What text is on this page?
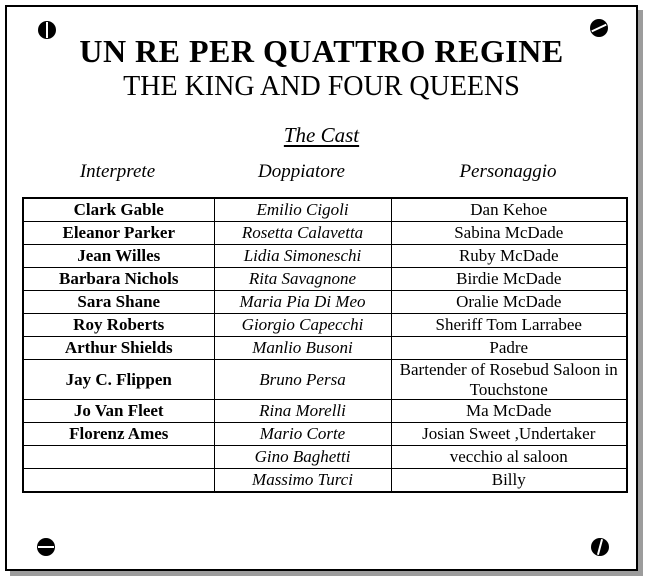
UN RE PER QUATTRO REGINE
THE KING AND FOUR QUEENS
The Cast
Interprete	Doppiatore	Personaggio
Clark Gable	Emilio Cigoli	Dan Kehoe
Eleanor Parker	Rosetta Calavetta	Sabina McDade
Jean Willes	Lidia Simoneschi	Ruby McDade
Barbara Nichols	Rita Savagnone	Birdie McDade
Sara Shane	Maria Pia Di Meo	Oralie McDade
Roy Roberts	Giorgio Capecchi	Sheriff Tom Larrabee
Arthur Shields	Manlio Busoni	Padre
Jay C. Flippen	Bruno Persa	Bartender of Rosebud Saloon in Touchstone
Jo Van Fleet	Rina Morelli	Ma McDade
Florenz Ames	Mario Corte	Josian Sweet ,Undertaker
	Gino Baghetti	vecchio al saloon
	Massimo Turci	Billy
